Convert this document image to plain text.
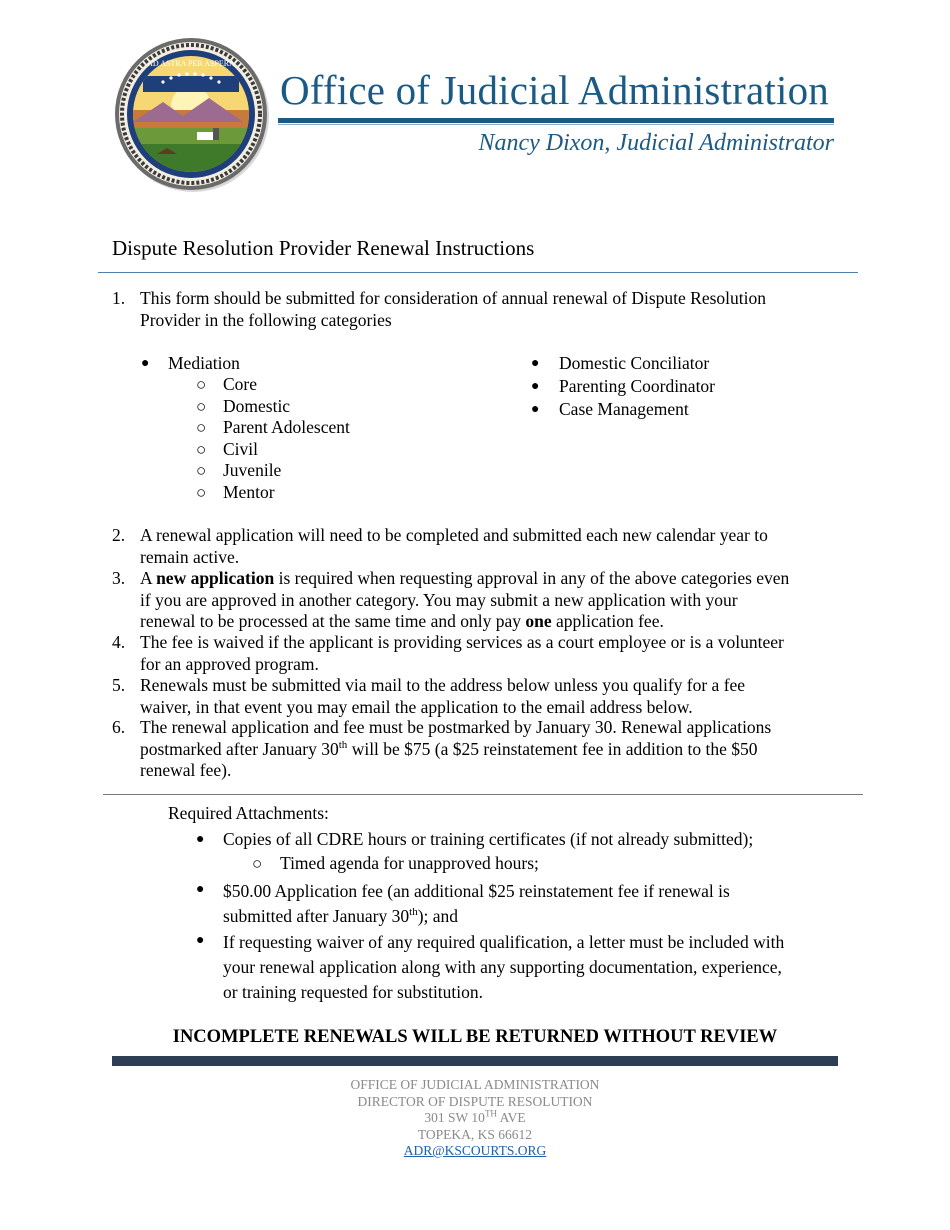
AD ASTRA PER ASPERA
Office of Judicial Administration
Nancy Dixon, Judicial Administrator
Dispute Resolution Provider Renewal Instructions
1. This form should be submitted for consideration of annual renewal of Dispute Resolution
Provider in the following categories
● Mediation
○ Core
○ Domestic
○ Parent Adolescent
○ Civil
○ Juvenile
○ Mentor
● Domestic Conciliator
● Parenting Coordinator
● Case Management
2. A renewal application will need to be completed and submitted each new calendar year to
remain active.
3. A new application is required when requesting approval in any of the above categories even
if you are approved in another category. You may submit a new application with your
renewal to be processed at the same time and only pay one application fee.
4. The fee is waived if the applicant is providing services as a court employee or is a volunteer
for an approved program.
5. Renewals must be submitted via mail to the address below unless you qualify for a fee
waiver, in that event you may email the application to the email address below.
6. The renewal application and fee must be postmarked by January 30. Renewal applications
postmarked after January 30th will be $75 (a $25 reinstatement fee in addition to the $50
renewal fee).
Required Attachments:
● Copies of all CDRE hours or training certificates (if not already submitted);
○ Timed agenda for unapproved hours;
● $50.00 Application fee (an additional $25 reinstatement fee if renewal is
submitted after January 30th); and
● If requesting waiver of any required qualification, a letter must be included with
your renewal application along with any supporting documentation, experience,
or training requested for substitution.
INCOMPLETE RENEWALS WILL BE RETURNED WITHOUT REVIEW
OFFICE OF JUDICIAL ADMINISTRATION
DIRECTOR OF DISPUTE RESOLUTION
301 SW 10TH AVE
TOPEKA, KS 66612
ADR@KSCOURTS.ORG
